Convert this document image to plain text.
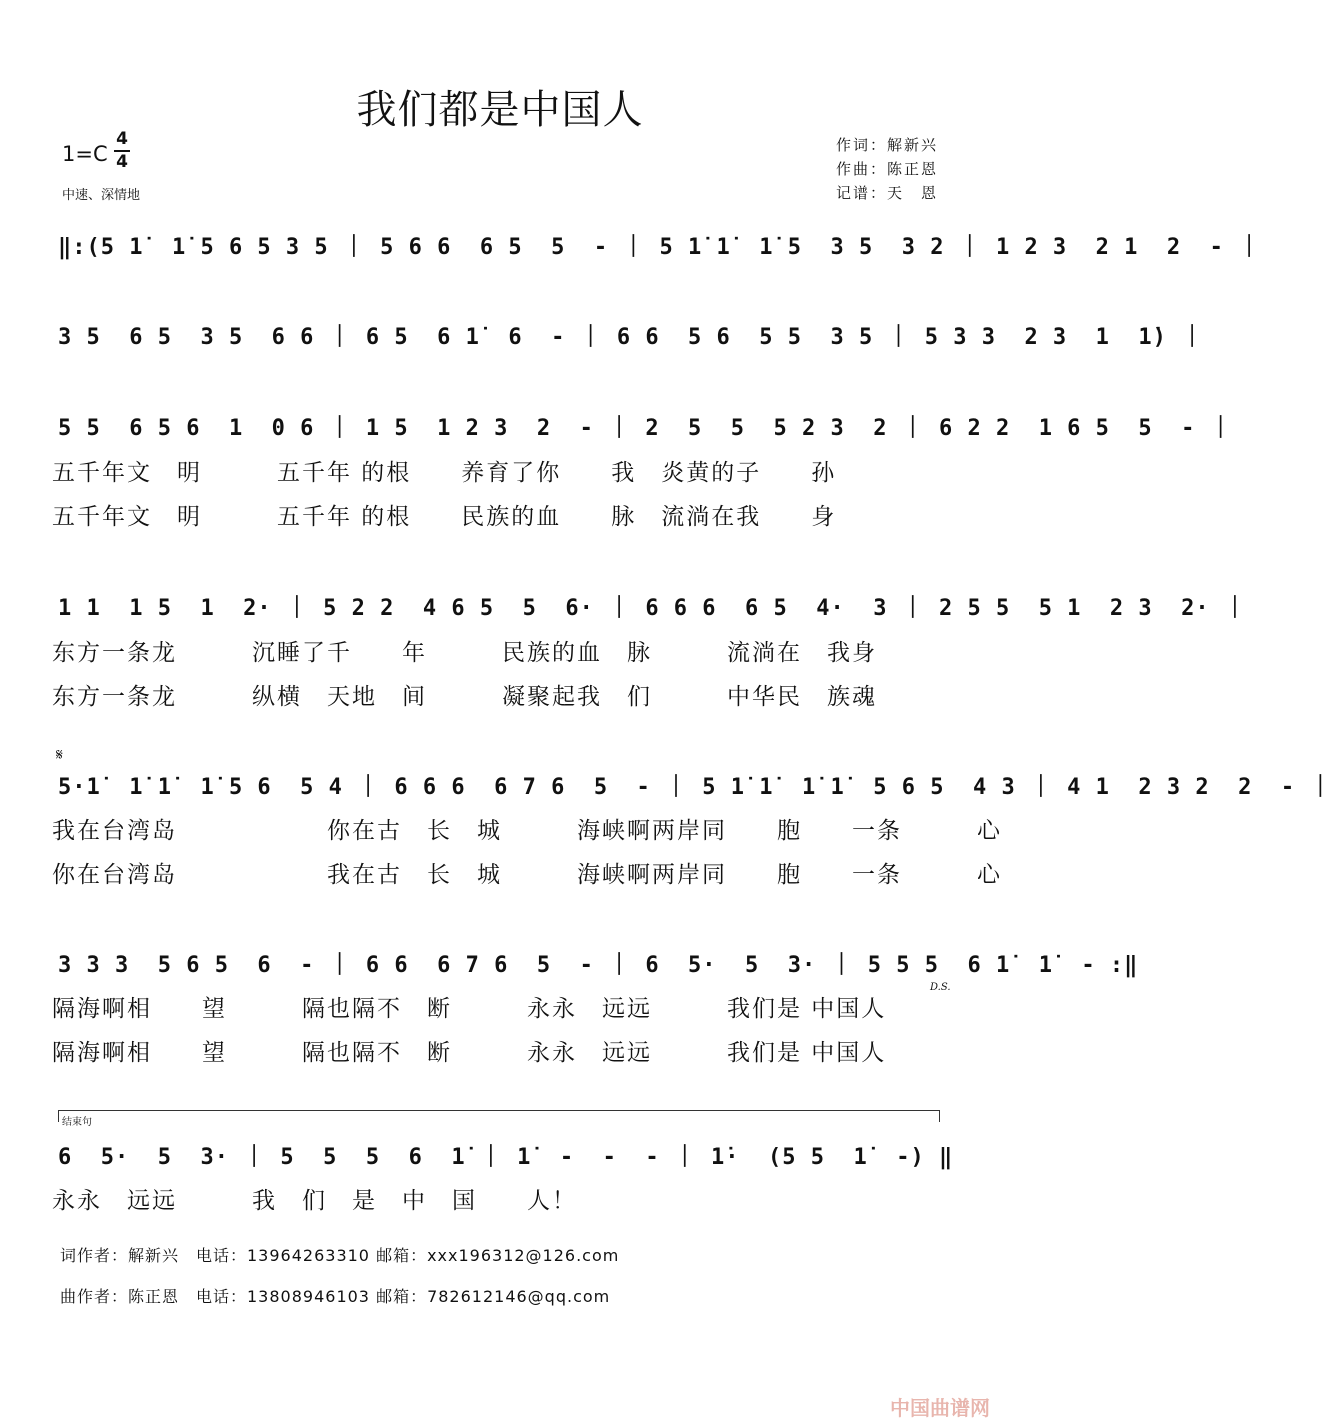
我们都是中国人
1=C
4
4
中速、深情地
作词：解新兴
作曲：陈正恩
记谱：天　恩
‖:(5 1̇  1̇ 5 6 5 3 5 ｜ 5 6 6  6 5  5  - ｜ 5 1̇ 1̇  1̇ 5  3 5  3 2 ｜ 1 2 3  2 1  2  - ｜
3 5  6 5  3 5  6 6 ｜ 6 5  6 1̇  6  - ｜ 6 6  5 6  5 5  3 5 ｜ 5 3 3  2 3  1  1̇) ｜
5 5  6 5 6  1  0 6 ｜ 1 5  1 2 3  2  - ｜ 2  5  5  5 2 3  2 ｜ 6 2 2  1 6 5  5  - ｜
五千年文　明　　　五千年 的根　　养育了你　　我　炎黄的子　　孙
五千年文　明　　　五千年 的根　　民族的血　　脉　流淌在我　　身
1 1  1 5  1  2· ｜ 5 2 2  4 6 5  5  6· ｜ 6 6 6  6 5  4·  3 ｜ 2 5 5  5 1  2 3  2· ｜
东方一条龙　　　沉睡了千　　年　　　民族的血　脉　　　流淌在　我身
东方一条龙　　　纵横　天地　间　　　凝聚起我　们　　　中华民　族魂
𝄋
5·1̇  1̇ 1̇  1̇ 5 6  5 4 ｜ 6 6 6  6 7 6  5  - ｜ 5 1̇ 1̇  1̇ 1̇  5 6 5  4 3 ｜ 4 1  2 3 2  2  - ｜
我在台湾岛　　　　　　你在古　长　城　　　海峡啊两岸同　　胞　　一条　　　心
你在台湾岛　　　　　　我在古　长　城　　　海峡啊两岸同　　胞　　一条　　　心
3 3 3  5 6 5  6  - ｜ 6 6  6 7 6  5  - ｜ 6  5·  5  3· ｜ 5 5 5  6 1̇  1̇  - :‖
D.S.
隔海啊相　　望　　　隔也隔不　断　　　永永　远远　　　我们是 中国人
隔海啊相　　望　　　隔也隔不　断　　　永永　远远　　　我们是 中国人
结束句
6  5·  5  3· ｜ 5  5  5  6  1̇ ｜ 1̇  -  -  - ｜ 1̇·  (5 5  1̇  -) ‖
永永　远远　　　我　们　是　中　国　　人！
词作者：解新兴　电话：13964263310 邮箱：xxx196312@126.com
曲作者：陈正恩　电话：13808946103 邮箱：782612146@qq.com
中国曲谱网
